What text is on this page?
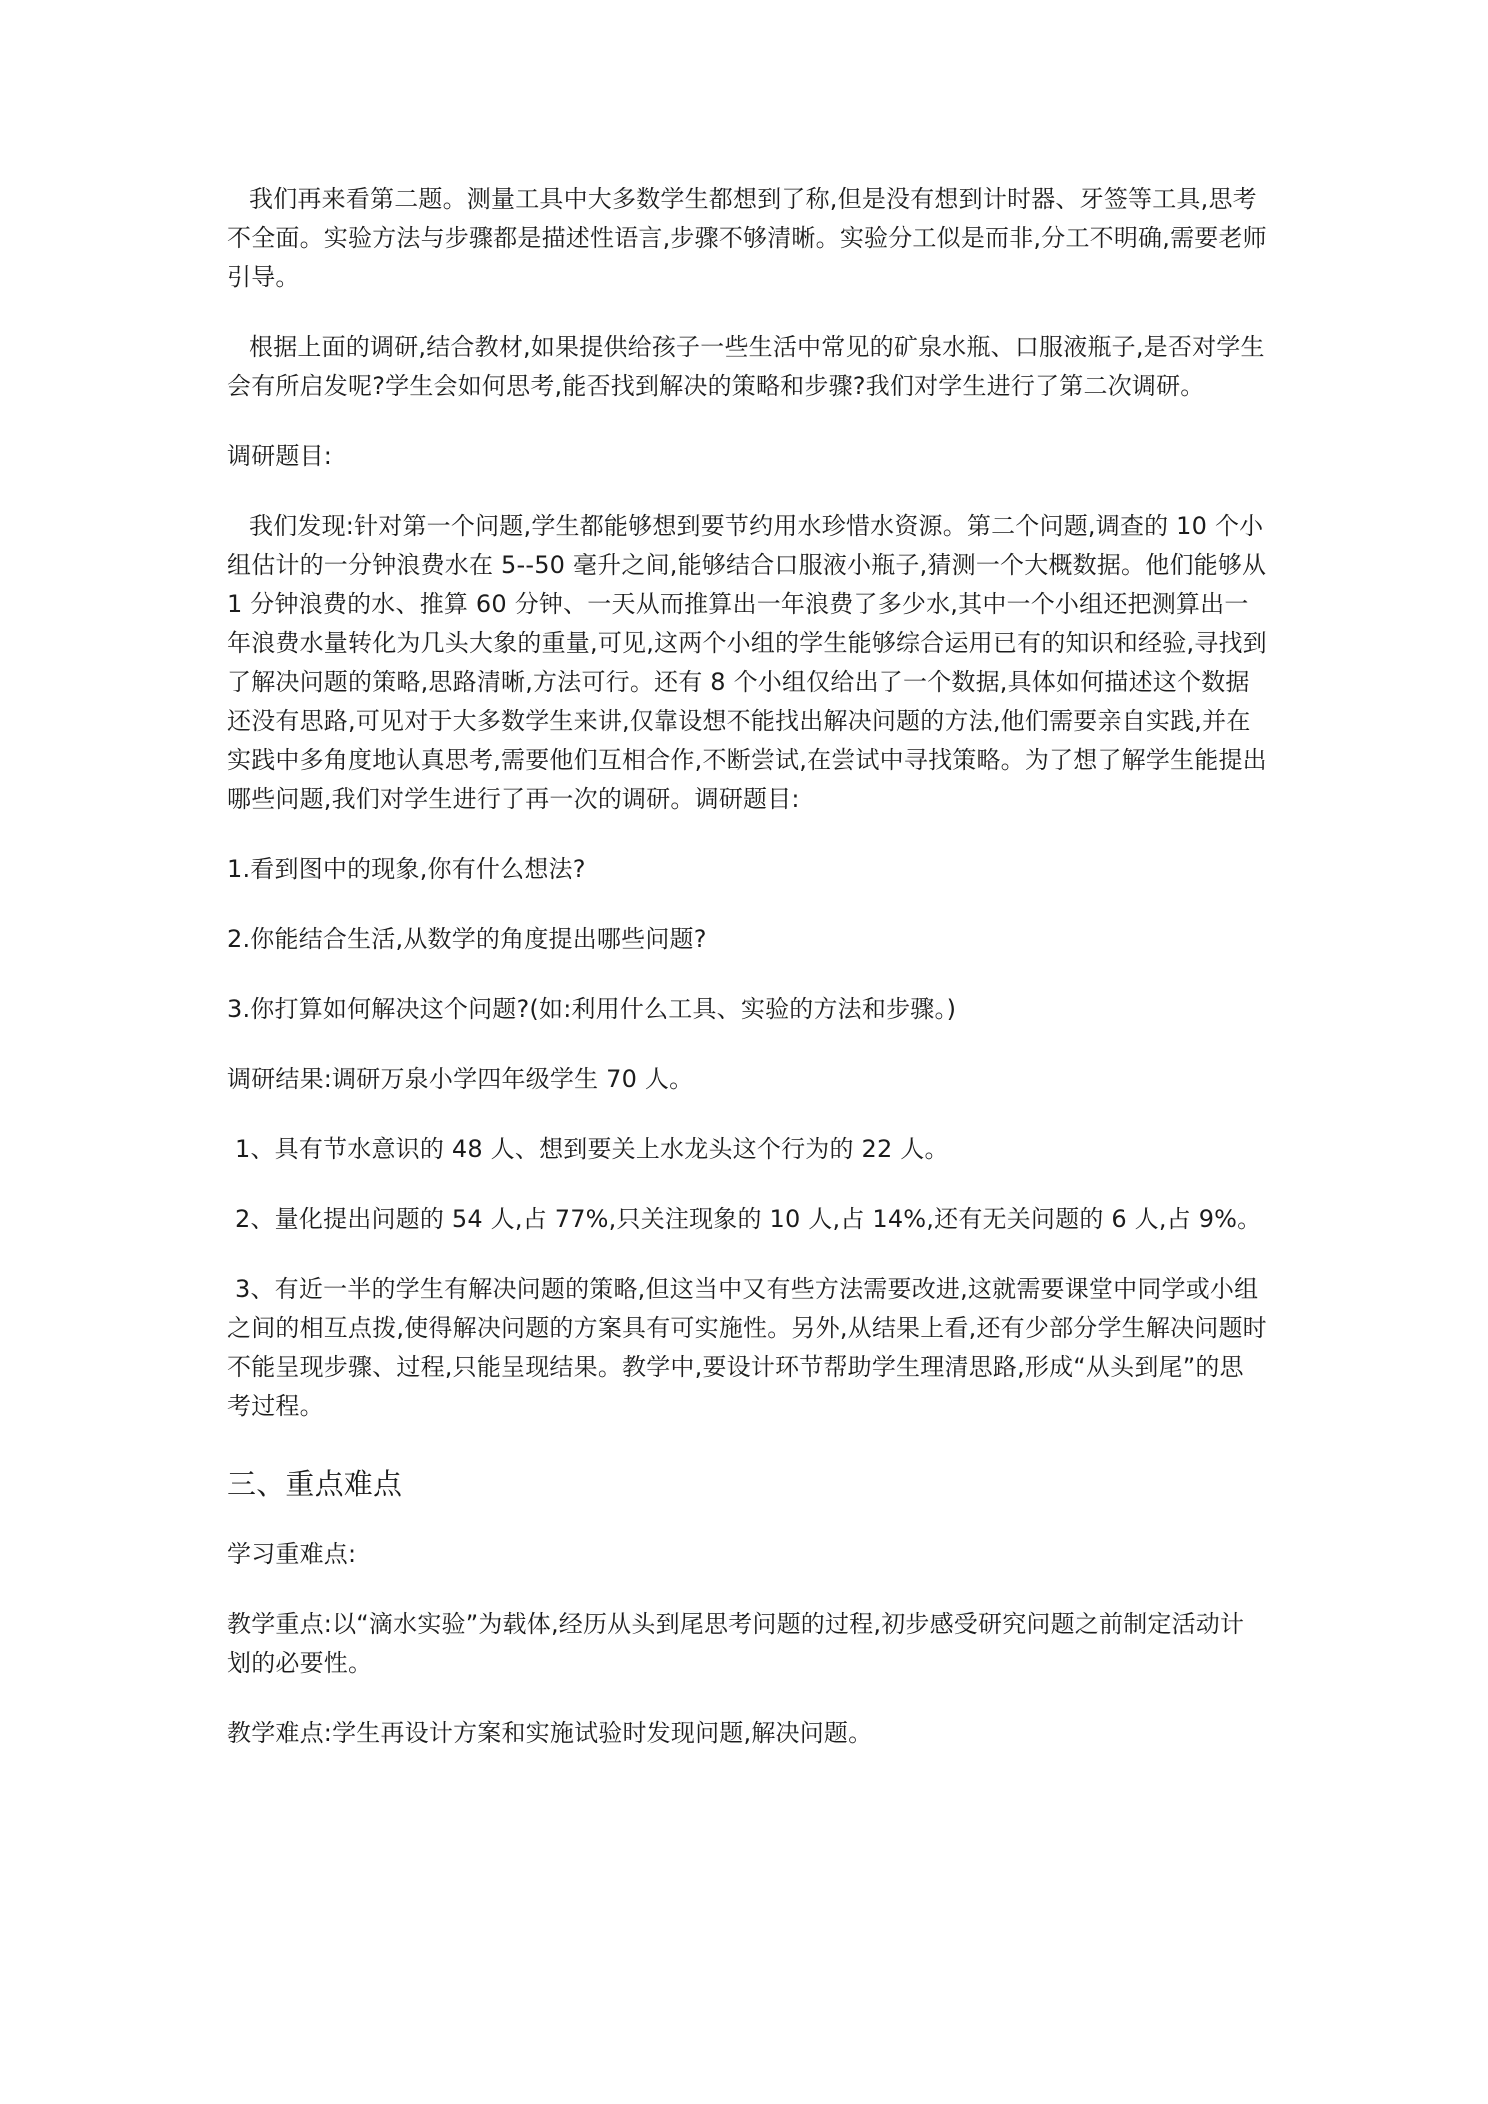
我们再来看第二题。测量工具中大多数学生都想到了称,但是没有想到计时器、牙签等工具,思考不全面。实验方法与步骤都是描述性语言,步骤不够清晰。实验分工似是而非,分工不明确,需要老师引导。

根据上面的调研,结合教材,如果提供给孩子一些生活中常见的矿泉水瓶、口服液瓶子,是否对学生会有所启发呢?学生会如何思考,能否找到解决的策略和步骤?我们对学生进行了第二次调研。

调研题目:

我们发现:针对第一个问题,学生都能够想到要节约用水珍惜水资源。第二个问题,调查的 10 个小组估计的一分钟浪费水在 5--50 毫升之间,能够结合口服液小瓶子,猜测一个大概数据。他们能够从 1 分钟浪费的水、推算 60 分钟、一天从而推算出一年浪费了多少水,其中一个小组还把测算出一年浪费水量转化为几头大象的重量,可见,这两个小组的学生能够综合运用已有的知识和经验,寻找到了解决问题的策略,思路清晰,方法可行。还有 8 个小组仅给出了一个数据,具体如何描述这个数据还没有思路,可见对于大多数学生来讲,仅靠设想不能找出解决问题的方法,他们需要亲自实践,并在实践中多角度地认真思考,需要他们互相合作,不断尝试,在尝试中寻找策略。为了想了解学生能提出哪些问题,我们对学生进行了再一次的调研。调研题目:

1.看到图中的现象,你有什么想法?

2.你能结合生活,从数学的角度提出哪些问题?

3.你打算如何解决这个问题?(如:利用什么工具、实验的方法和步骤。)

调研结果:调研万泉小学四年级学生 70 人。

1、具有节水意识的 48 人、想到要关上水龙头这个行为的 22 人。

2、量化提出问题的 54 人,占 77%,只关注现象的 10 人,占 14%,还有无关问题的 6 人,占 9%。

3、有近一半的学生有解决问题的策略,但这当中又有些方法需要改进,这就需要课堂中同学或小组之间的相互点拨,使得解决问题的方案具有可实施性。另外,从结果上看,还有少部分学生解决问题时不能呈现步骤、过程,只能呈现结果。教学中,要设计环节帮助学生理清思路,形成“从头到尾”的思考过程。

三、重点难点

学习重难点:

教学重点:以“滴水实验”为载体,经历从头到尾思考问题的过程,初步感受研究问题之前制定活动计划的必要性。

教学难点:学生再设计方案和实施试验时发现问题,解决问题。
